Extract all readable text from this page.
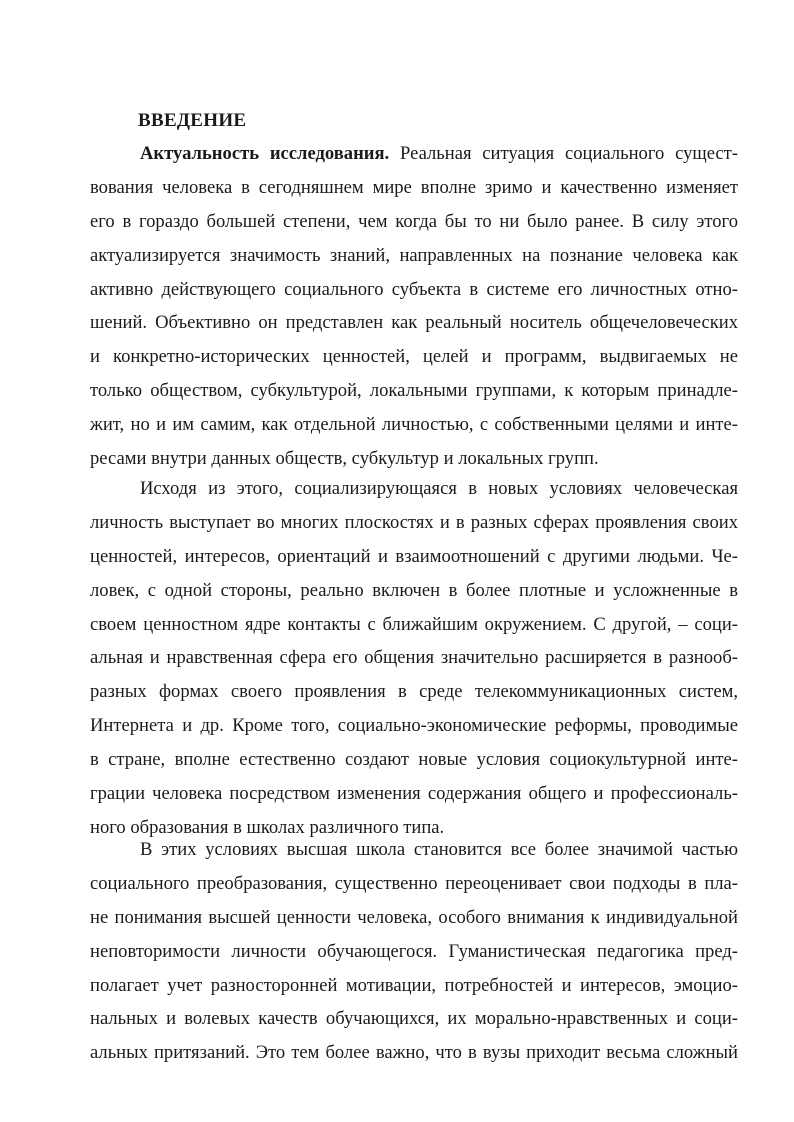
ВВЕДЕНИЕ
Актуальность исследования. Реальная ситуация социального сущест-
вования человека в сегодняшнем мире вполне зримо и качественно изменяет
его в гораздо большей степени, чем когда бы то ни было ранее. В силу этого
актуализируется значимость знаний, направленных на познание человека как
активно действующего социального субъекта в системе его личностных отно-
шений. Объективно он представлен как реальный носитель общечеловеческих
и конкретно-исторических ценностей, целей и программ, выдвигаемых не
только обществом, субкультурой, локальными группами, к которым принадле-
жит, но и им самим, как отдельной личностью, с собственными целями и инте-
ресами внутри данных обществ, субкультур и локальных групп.
Исходя из этого, социализирующаяся в новых условиях человеческая
личность выступает во многих плоскостях и в разных сферах проявления своих
ценностей, интересов, ориентаций и взаимоотношений с другими людьми. Че-
ловек, с одной стороны, реально включен в более плотные и усложненные в
своем ценностном ядре контакты с ближайшим окружением. С другой, – соци-
альная и нравственная сфера его общения значительно расширяется в разнооб-
разных формах своего проявления в среде телекоммуникационных систем,
Интернета и др. Кроме того, социально-экономические реформы, проводимые
в стране, вполне естественно создают новые условия социокультурной инте-
грации человека посредством изменения содержания общего и профессиональ-
ного образования в школах различного типа.
В этих условиях высшая школа становится все более значимой частью
социального преобразования, существенно переоценивает свои подходы в пла-
не понимания высшей ценности человека, особого внимания к индивидуальной
неповторимости личности обучающегося. Гуманистическая педагогика пред-
полагает учет разносторонней мотивации, потребностей и интересов, эмоцио-
нальных и волевых качеств обучающихся, их морально-нравственных и соци-
альных притязаний. Это тем более важно, что в вузы приходит весьма сложный
